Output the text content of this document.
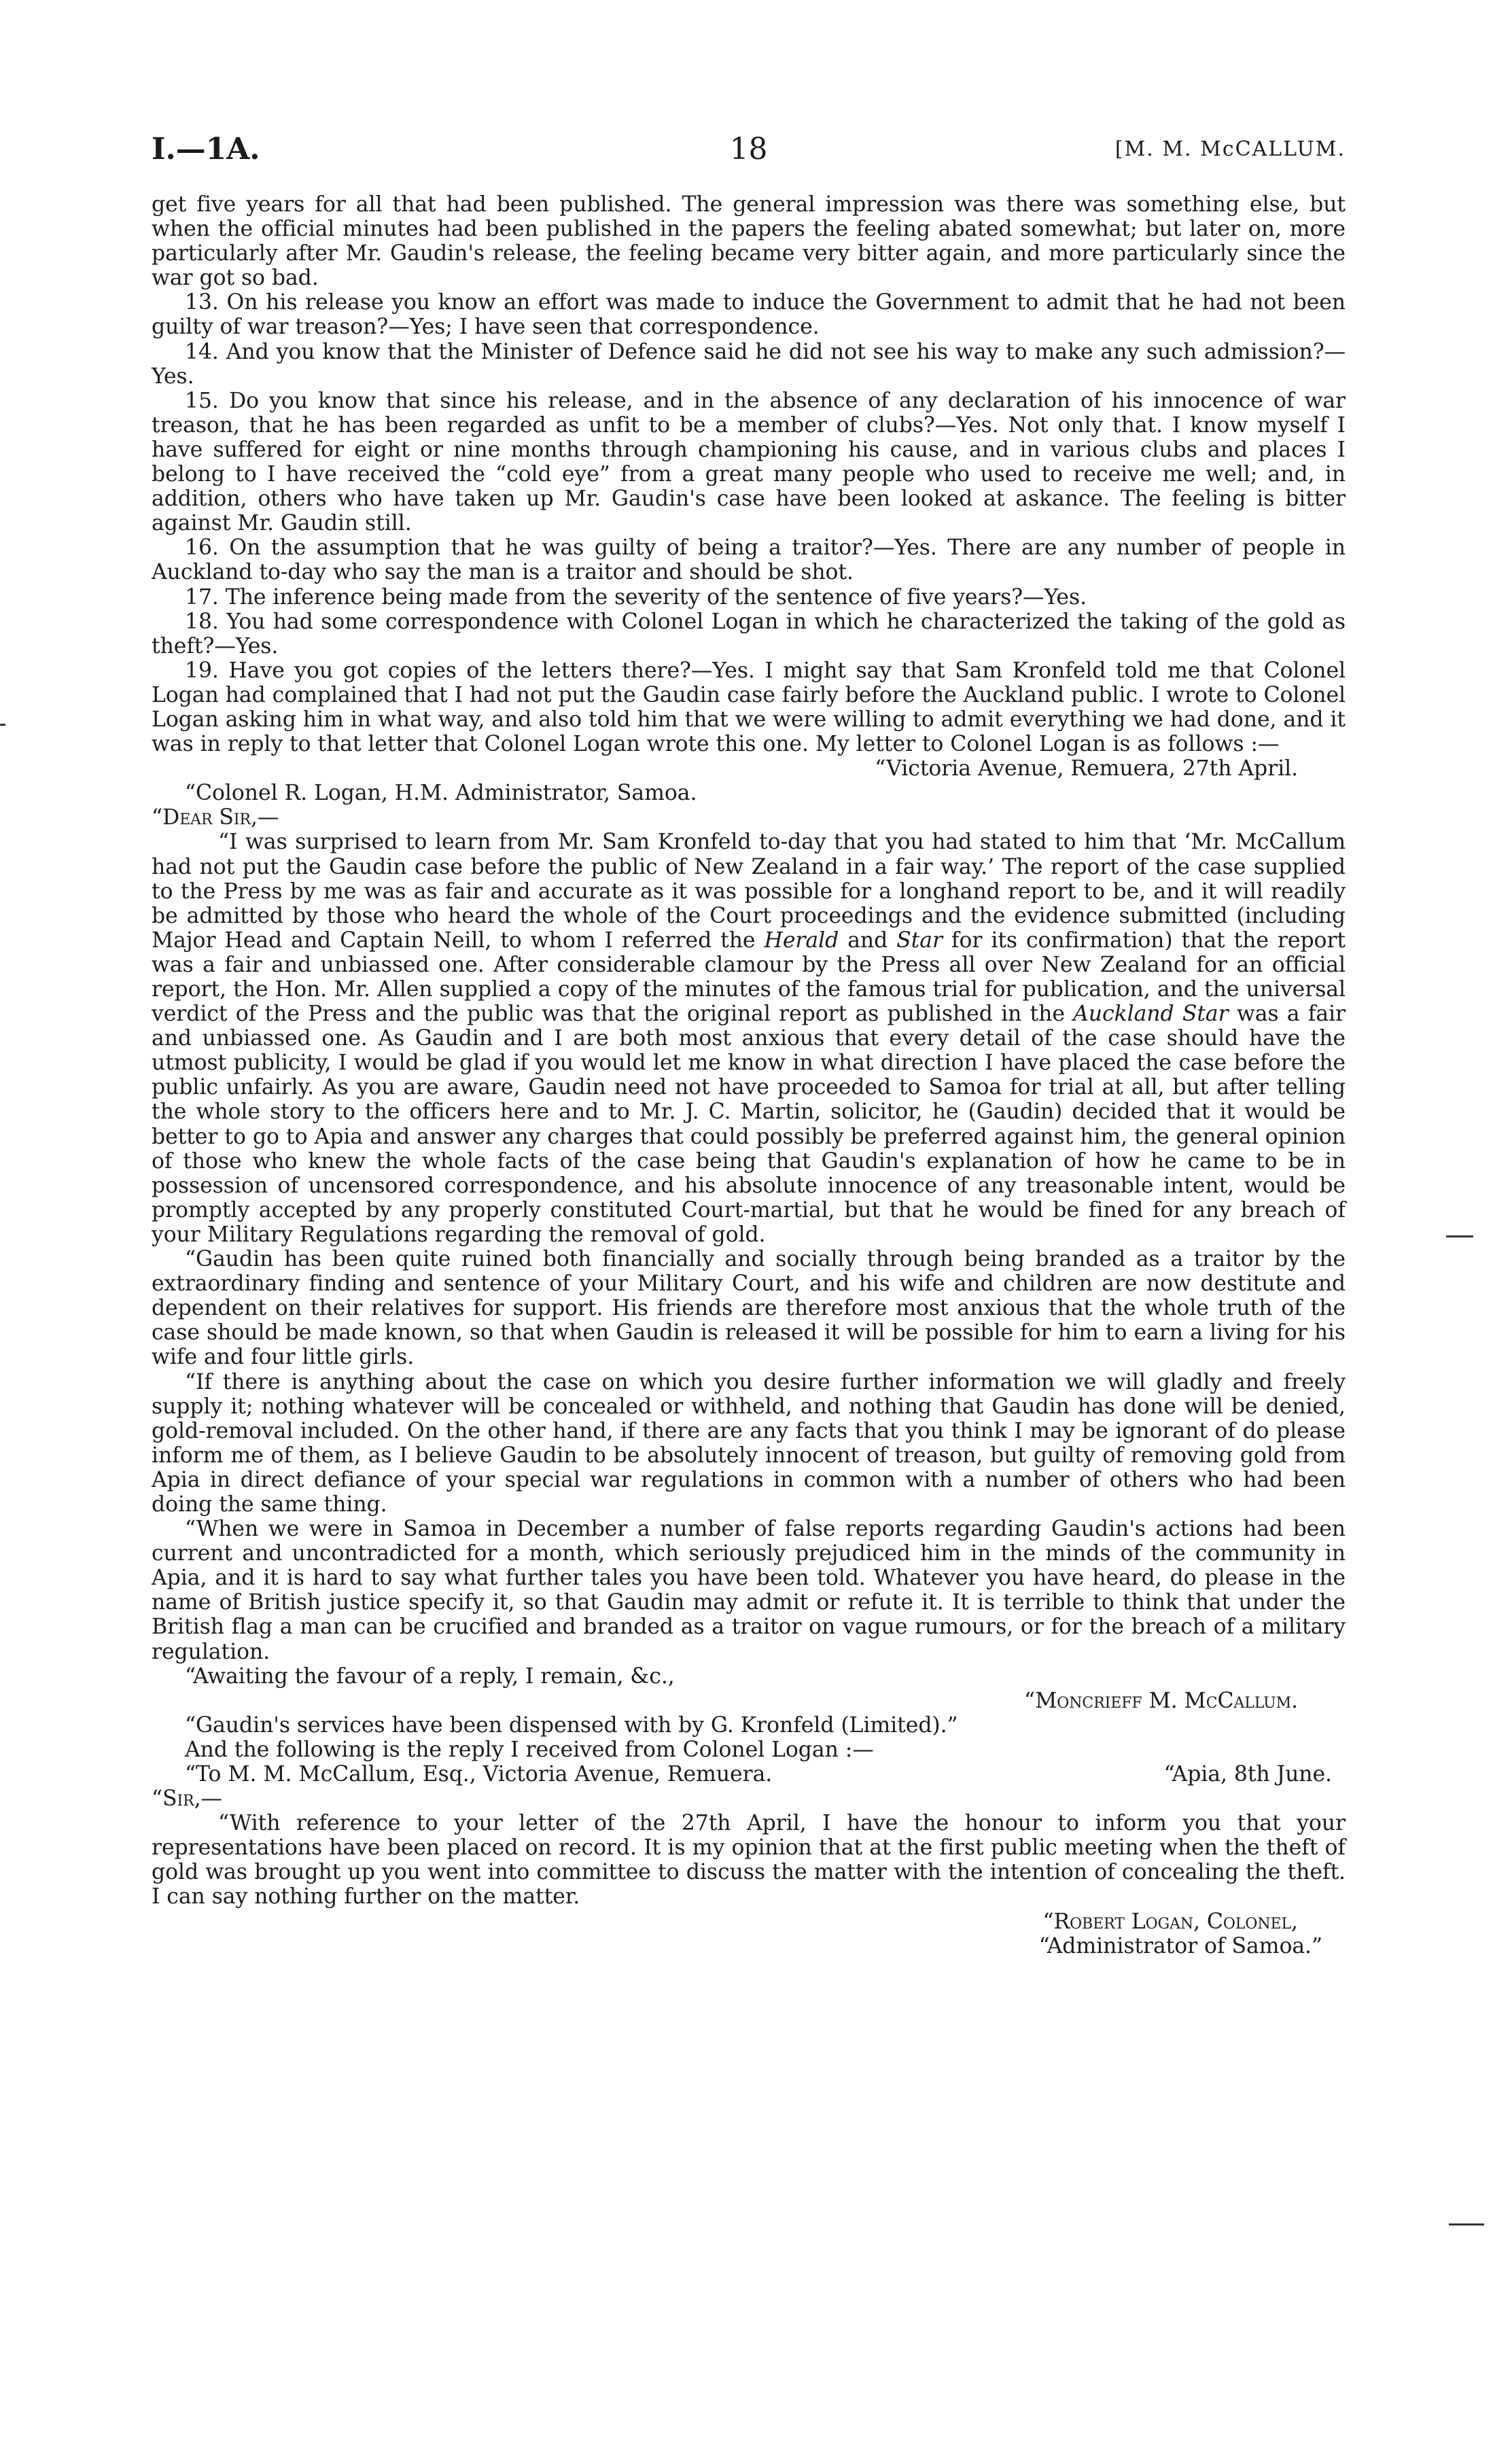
I.—1A.	18	[M. M. McCALLUM.

get five years for all that had been published. The general impression was there was something else, but when the official minutes had been published in the papers the feeling abated somewhat; but later on, more particularly after Mr. Gaudin's release, the feeling became very bitter again, and more particularly since the war got so bad.

13. On his release you know an effort was made to induce the Government to admit that he had not been guilty of war treason?—Yes; I have seen that correspondence.

14. And you know that the Minister of Defence said he did not see his way to make any such admission?—Yes.

15. Do you know that since his release, and in the absence of any declaration of his innocence of war treason, that he has been regarded as unfit to be a member of clubs?—Yes. Not only that. I know myself I have suffered for eight or nine months through championing his cause, and in various clubs and places I belong to I have received the “cold eye” from a great many people who used to receive me well; and, in addition, others who have taken up Mr. Gaudin's case have been looked at askance. The feeling is bitter against Mr. Gaudin still.

16. On the assumption that he was guilty of being a traitor?—Yes. There are any number of people in Auckland to-day who say the man is a traitor and should be shot.

17. The inference being made from the severity of the sentence of five years?—Yes.

18. You had some correspondence with Colonel Logan in which he characterized the taking of the gold as theft?—Yes.

19. Have you got copies of the letters there?—Yes. I might say that Sam Kronfeld told me that Colonel Logan had complained that I had not put the Gaudin case fairly before the Auckland public. I wrote to Colonel Logan asking him in what way, and also told him that we were willing to admit everything we had done, and it was in reply to that letter that Colonel Logan wrote this one. My letter to Colonel Logan is as follows :—

“Victoria Avenue, Remuera, 27th April.

“Colonel R. Logan, H.M. Administrator, Samoa.

“Dear Sir,—

“I was surprised to learn from Mr. Sam Kronfeld to-day that you had stated to him that ‘Mr. McCallum had not put the Gaudin case before the public of New Zealand in a fair way.’ The report of the case supplied to the Press by me was as fair and accurate as it was possible for a longhand report to be, and it will readily be admitted by those who heard the whole of the Court proceedings and the evidence submitted (including Major Head and Captain Neill, to whom I referred the Herald and Star for its confirmation) that the report was a fair and unbiassed one. After considerable clamour by the Press all over New Zealand for an official report, the Hon. Mr. Allen supplied a copy of the minutes of the famous trial for publication, and the universal verdict of the Press and the public was that the original report as published in the Auckland Star was a fair and unbiassed one. As Gaudin and I are both most anxious that every detail of the case should have the utmost publicity, I would be glad if you would let me know in what direction I have placed the case before the public unfairly. As you are aware, Gaudin need not have proceeded to Samoa for trial at all, but after telling the whole story to the officers here and to Mr. J. C. Martin, solicitor, he (Gaudin) decided that it would be better to go to Apia and answer any charges that could possibly be preferred against him, the general opinion of those who knew the whole facts of the case being that Gaudin's explanation of how he came to be in possession of uncensored correspondence, and his absolute innocence of any treasonable intent, would be promptly accepted by any properly constituted Court-martial, but that he would be fined for any breach of your Military Regulations regarding the removal of gold.

“Gaudin has been quite ruined both financially and socially through being branded as a traitor by the extraordinary finding and sentence of your Military Court, and his wife and children are now destitute and dependent on their relatives for support. His friends are therefore most anxious that the whole truth of the case should be made known, so that when Gaudin is released it will be possible for him to earn a living for his wife and four little girls.

“If there is anything about the case on which you desire further information we will gladly and freely supply it; nothing whatever will be concealed or withheld, and nothing that Gaudin has done will be denied, gold-removal included. On the other hand, if there are any facts that you think I may be ignorant of do please inform me of them, as I believe Gaudin to be absolutely innocent of treason, but guilty of removing gold from Apia in direct defiance of your special war regulations in common with a number of others who had been doing the same thing.

“When we were in Samoa in December a number of false reports regarding Gaudin's actions had been current and uncontradicted for a month, which seriously prejudiced him in the minds of the community in Apia, and it is hard to say what further tales you have been told. Whatever you have heard, do please in the name of British justice specify it, so that Gaudin may admit or refute it. It is terrible to think that under the British flag a man can be crucified and branded as a traitor on vague rumours, or for the breach of a military regulation.

“Awaiting the favour of a reply, I remain, &c.,

“Moncrieff M. McCallum.

“Gaudin's services have been dispensed with by G. Kronfeld (Limited).”

And the following is the reply I received from Colonel Logan :—

“To M. M. McCallum, Esq., Victoria Avenue, Remuera.	“Apia, 8th June.

“Sir,—

“With reference to your letter of the 27th April, I have the honour to inform you that your representations have been placed on record. It is my opinion that at the first public meeting when the theft of gold was brought up you went into committee to discuss the matter with the intention of concealing the theft. I can say nothing further on the matter.

“Robert Logan, Colonel,

“Administrator of Samoa.”
